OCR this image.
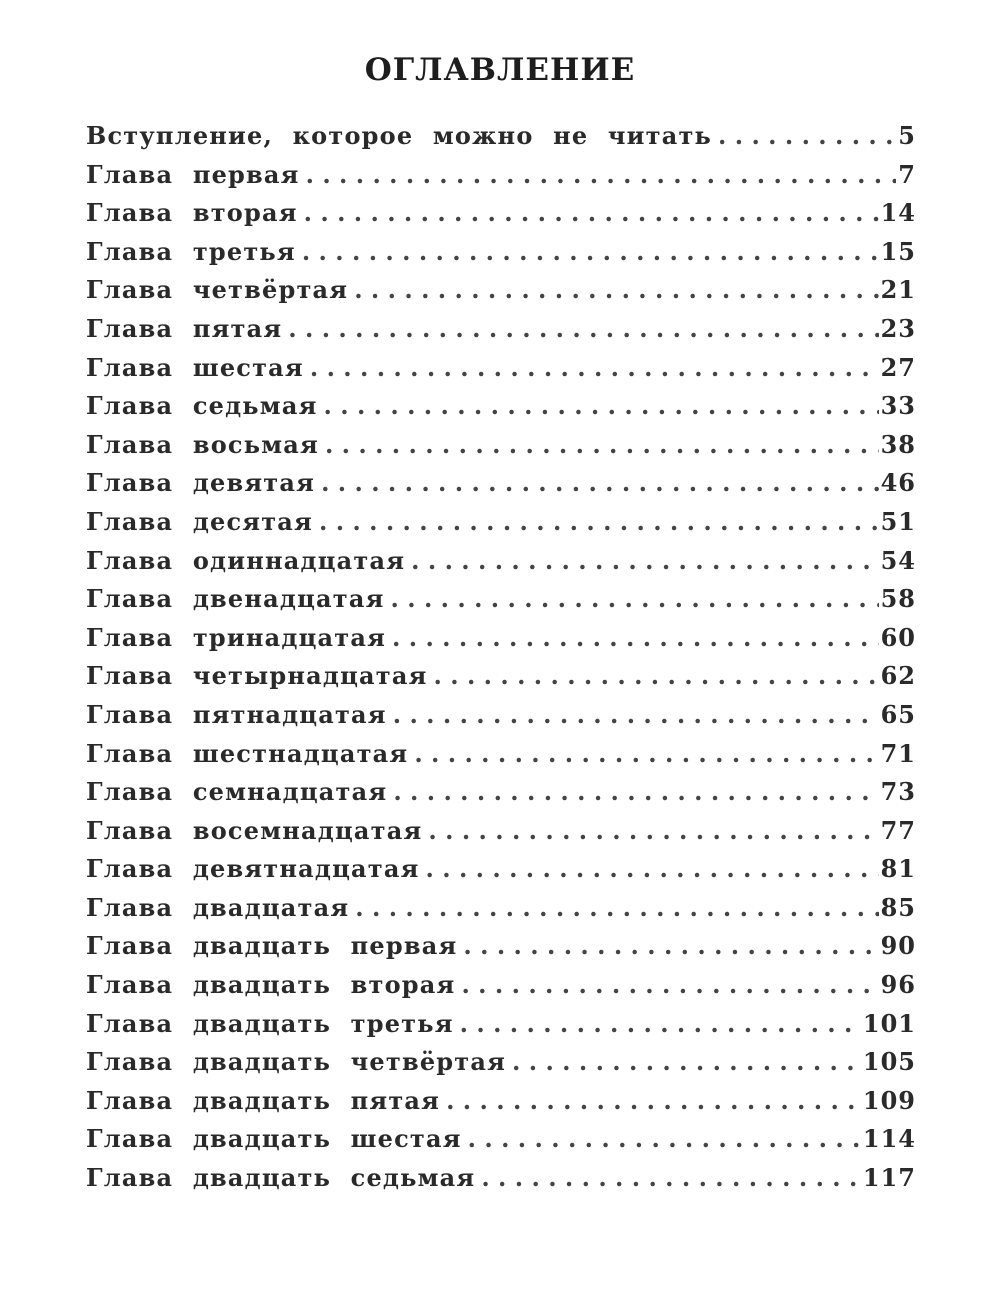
ОГЛАВЛЕНИЕ
Вступление, которое можно не читать . . .	5
Глава первая . . .	7
Глава вторая . . .	14
Глава третья . . .	15
Глава четвёртая . . .	21
Глава пятая . . .	23
Глава шестая . . .	27
Глава седьмая . . .	33
Глава восьмая . . .	38
Глава девятая . . .	46
Глава десятая . . .	51
Глава одиннадцатая . . .	54
Глава двенадцатая . . .	58
Глава тринадцатая . . .	60
Глава четырнадцатая . . .	62
Глава пятнадцатая . . .	65
Глава шестнадцатая . . .	71
Глава семнадцатая . . .	73
Глава восемнадцатая . . .	77
Глава девятнадцатая . . .	81
Глава двадцатая . . .	85
Глава двадцать первая . . .	90
Глава двадцать вторая . . .	96
Глава двадцать третья . . .	101
Глава двадцать четвёртая . . .	105
Глава двадцать пятая . . .	109
Глава двадцать шестая . . .	114
Глава двадцать седьмая . . .	117
